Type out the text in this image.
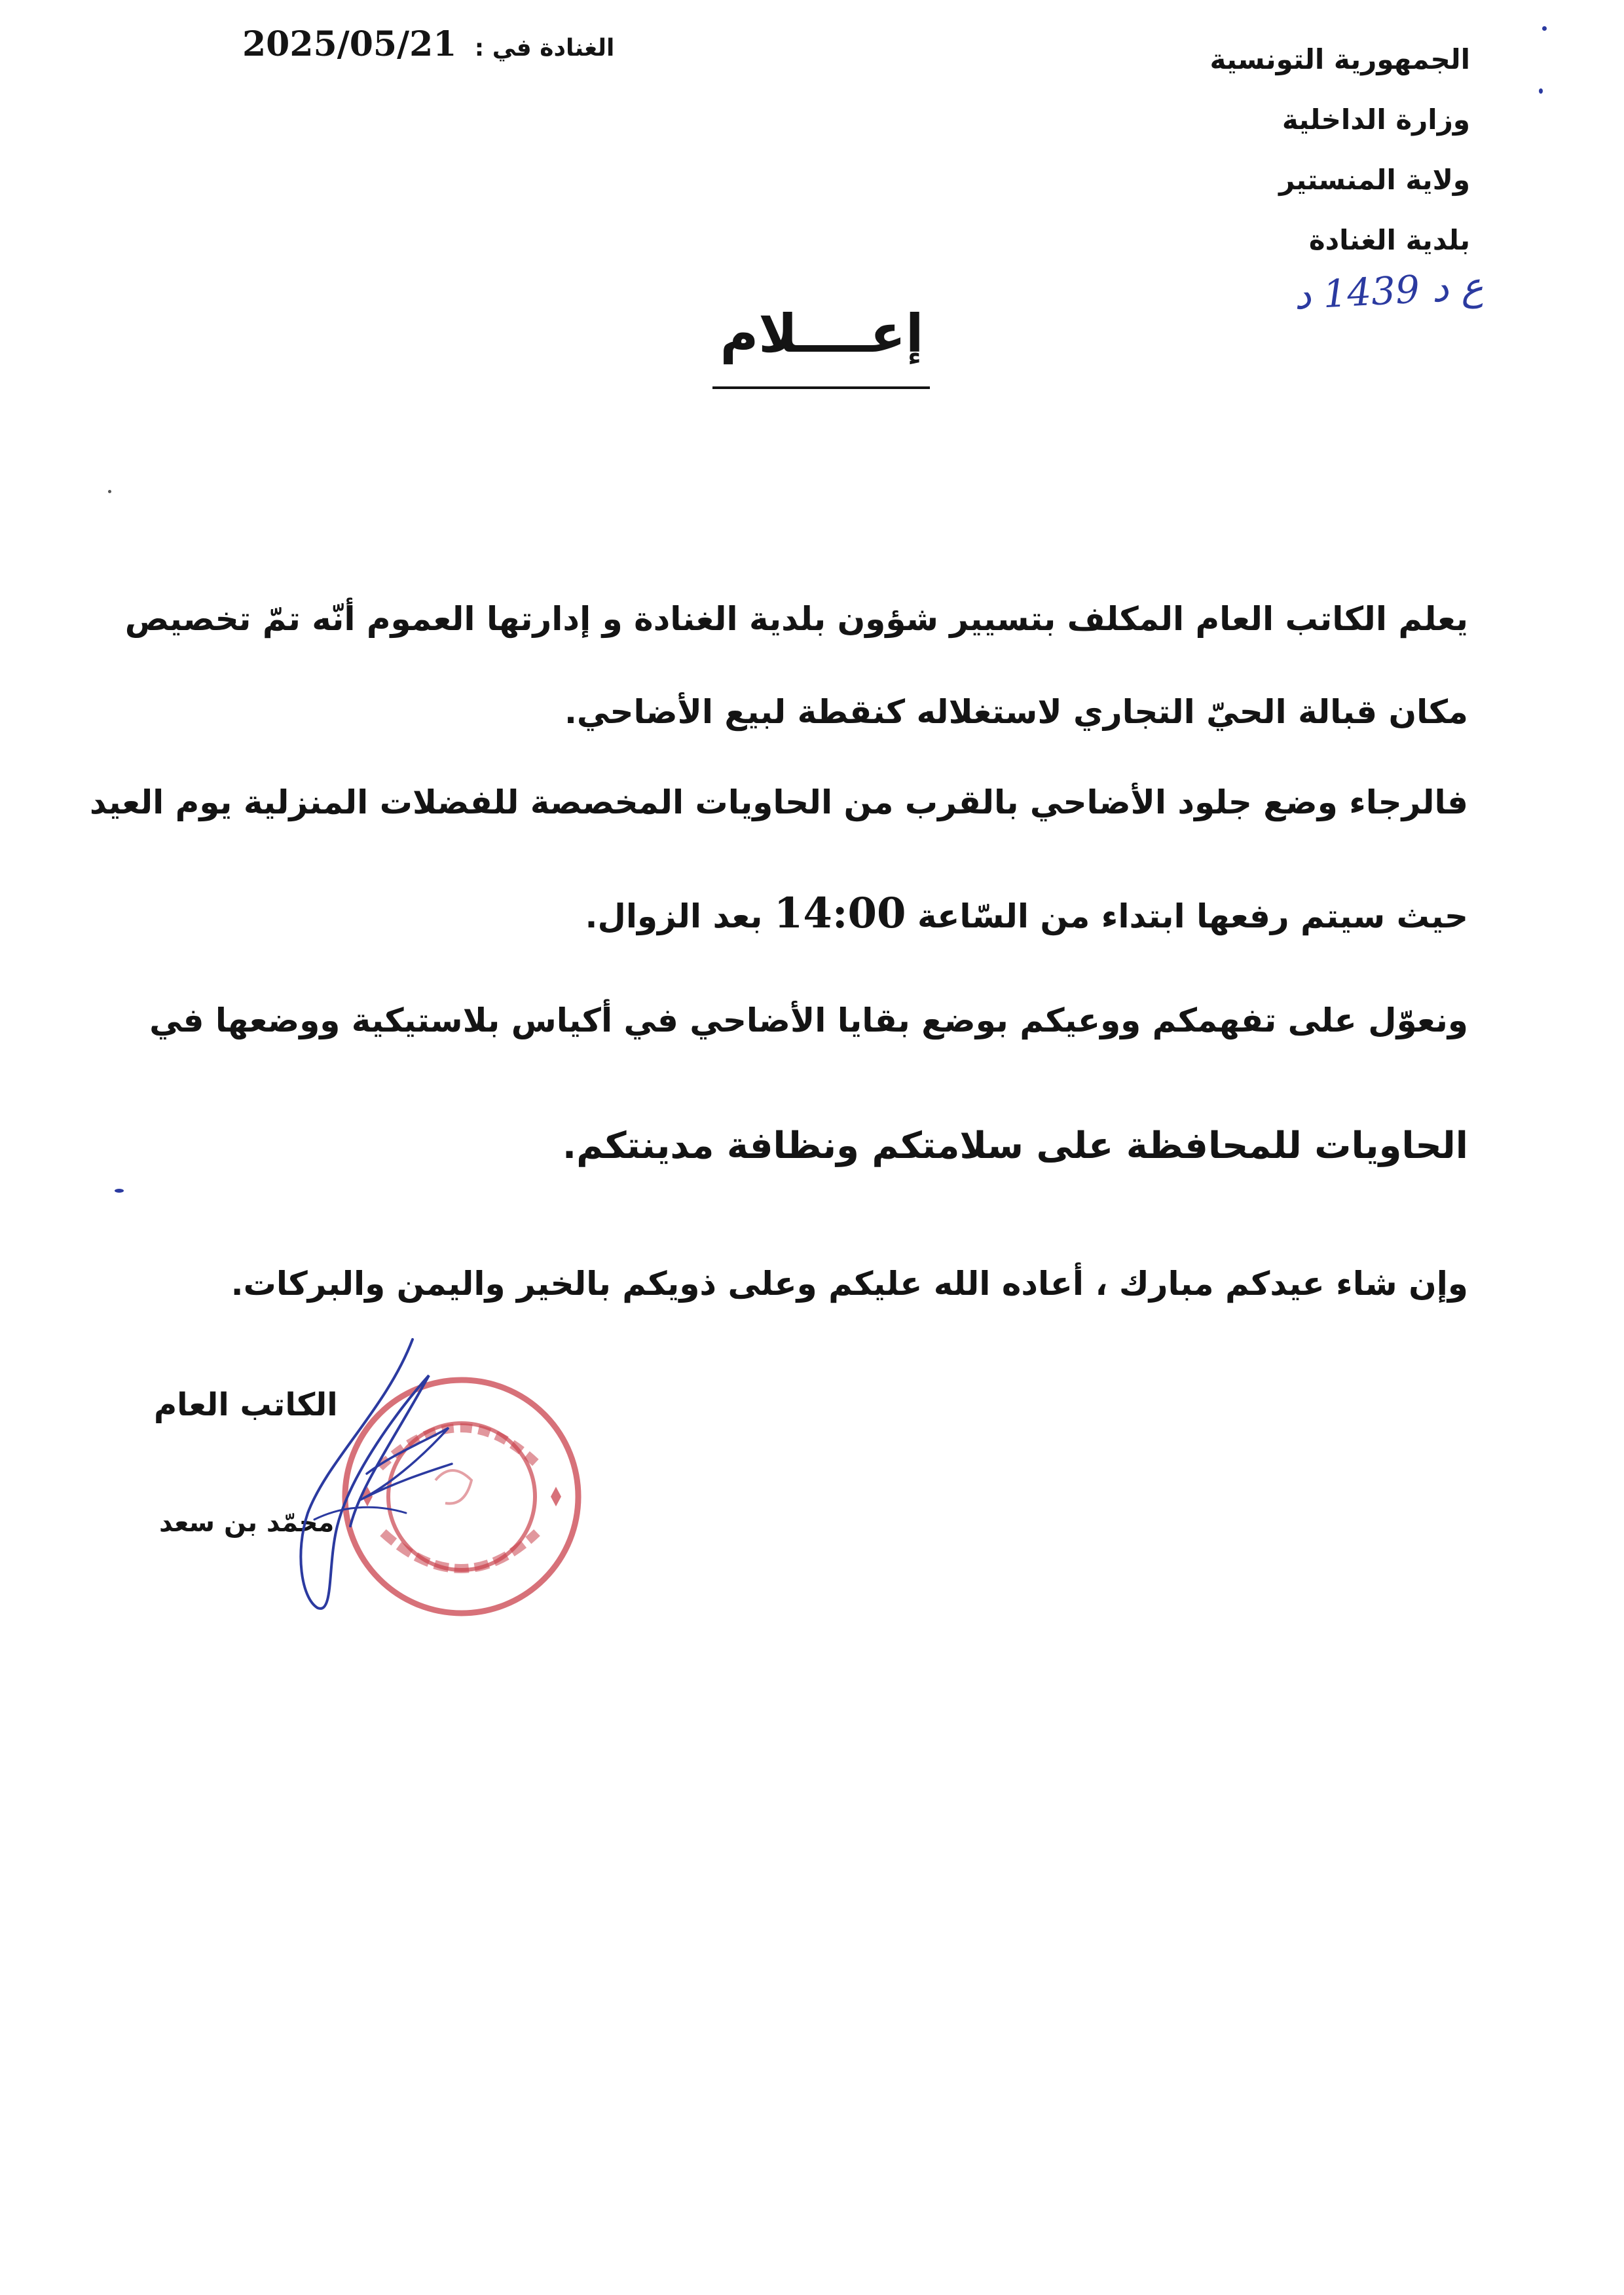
الجمهورية التونسية
وزارة الداخلية
ولاية المنستير
بلدية الغنادة
ع د 1439 د
الغنادة في : 2025/05/21
إعــــلام
يعلم الكاتب العام المكلف بتسيير شؤون بلدية الغنادة و إدارتها العموم أنّه تمّ تخصيص
مكان قبالة الحيّ التجاري لاستغلاله كنقطة لبيع الأضاحي.
فالرجاء وضع جلود الأضاحي بالقرب من الحاويات المخصصة للفضلات المنزلية يوم العيد
حيث سيتم رفعها ابتداء من السّاعة 14:00 بعد الزوال.
ونعوّل على تفهمكم ووعيكم بوضع بقايا الأضاحي في أكياس بلاستيكية ووضعها في
الحاويات للمحافظة على سلامتكم ونظافة مدينتكم.
وإن شاء عيدكم مبارك ، أعاده الله عليكم وعلى ذويكم بالخير واليمن والبركات.
الكاتب العام
محمّد بن سعد
